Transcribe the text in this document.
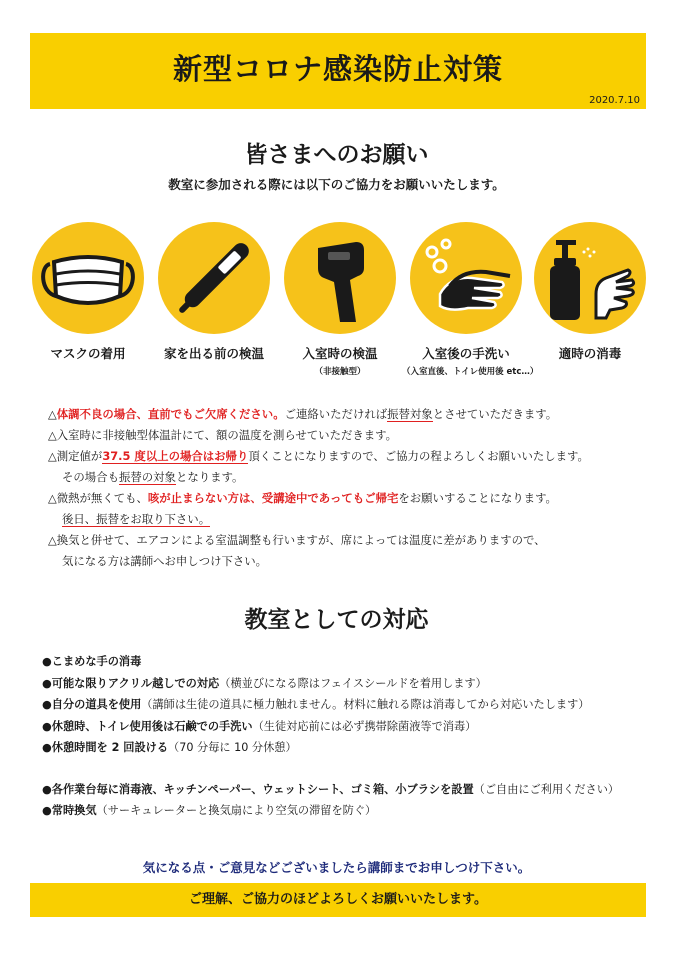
新型コロナ感染防止対策
2020.7.10
皆さまへのお願い
教室に参加される際には以下のご協力をお願いいたします。
マスクの着用	家を出る前の検温	入室時の検温
（非接触型）
入室後の手洗い
（入室直後、トイレ使用後 etc…）
適時の消毒
△体調不良の場合、直前でもご欠席ください。ご連絡いただければ振替対象とさせていただきます。
△入室時に非接触型体温計にて、額の温度を測らせていただきます。
△測定値が37.5 度以上の場合はお帰り頂くことになりますので、ご協力の程よろしくお願いいたします。
その場合も振替の対象となります。
△微熱が無くても、咳が止まらない方は、受講途中であってもご帰宅をお願いすることになります。
後日、振替をお取り下さい。
△換気と併せて、エアコンによる室温調整も行いますが、席によっては温度に差がありますので、
気になる方は講師へお申しつけ下さい。
教室としての対応
●こまめな手の消毒
●可能な限りアクリル越しでの対応（横並びになる際はフェイスシールドを着用します）
●自分の道具を使用（講師は生徒の道具に極力触れません。材料に触れる際は消毒してから対応いたします）
●休憩時、トイレ使用後は石鹸での手洗い（生徒対応前には必ず携帯除菌液等で消毒）
●休憩時間を 2 回設ける（70 分毎に 10 分休憩）
●各作業台毎に消毒液、キッチンペーパー、ウェットシート、ゴミ箱、小ブラシを設置（ご自由にご利用ください）
●常時換気（サーキュレーターと換気扇により空気の滞留を防ぐ）
気になる点・ご意見などございましたら講師までお申しつけ下さい。
ご理解、ご協力のほどよろしくお願いいたします。
